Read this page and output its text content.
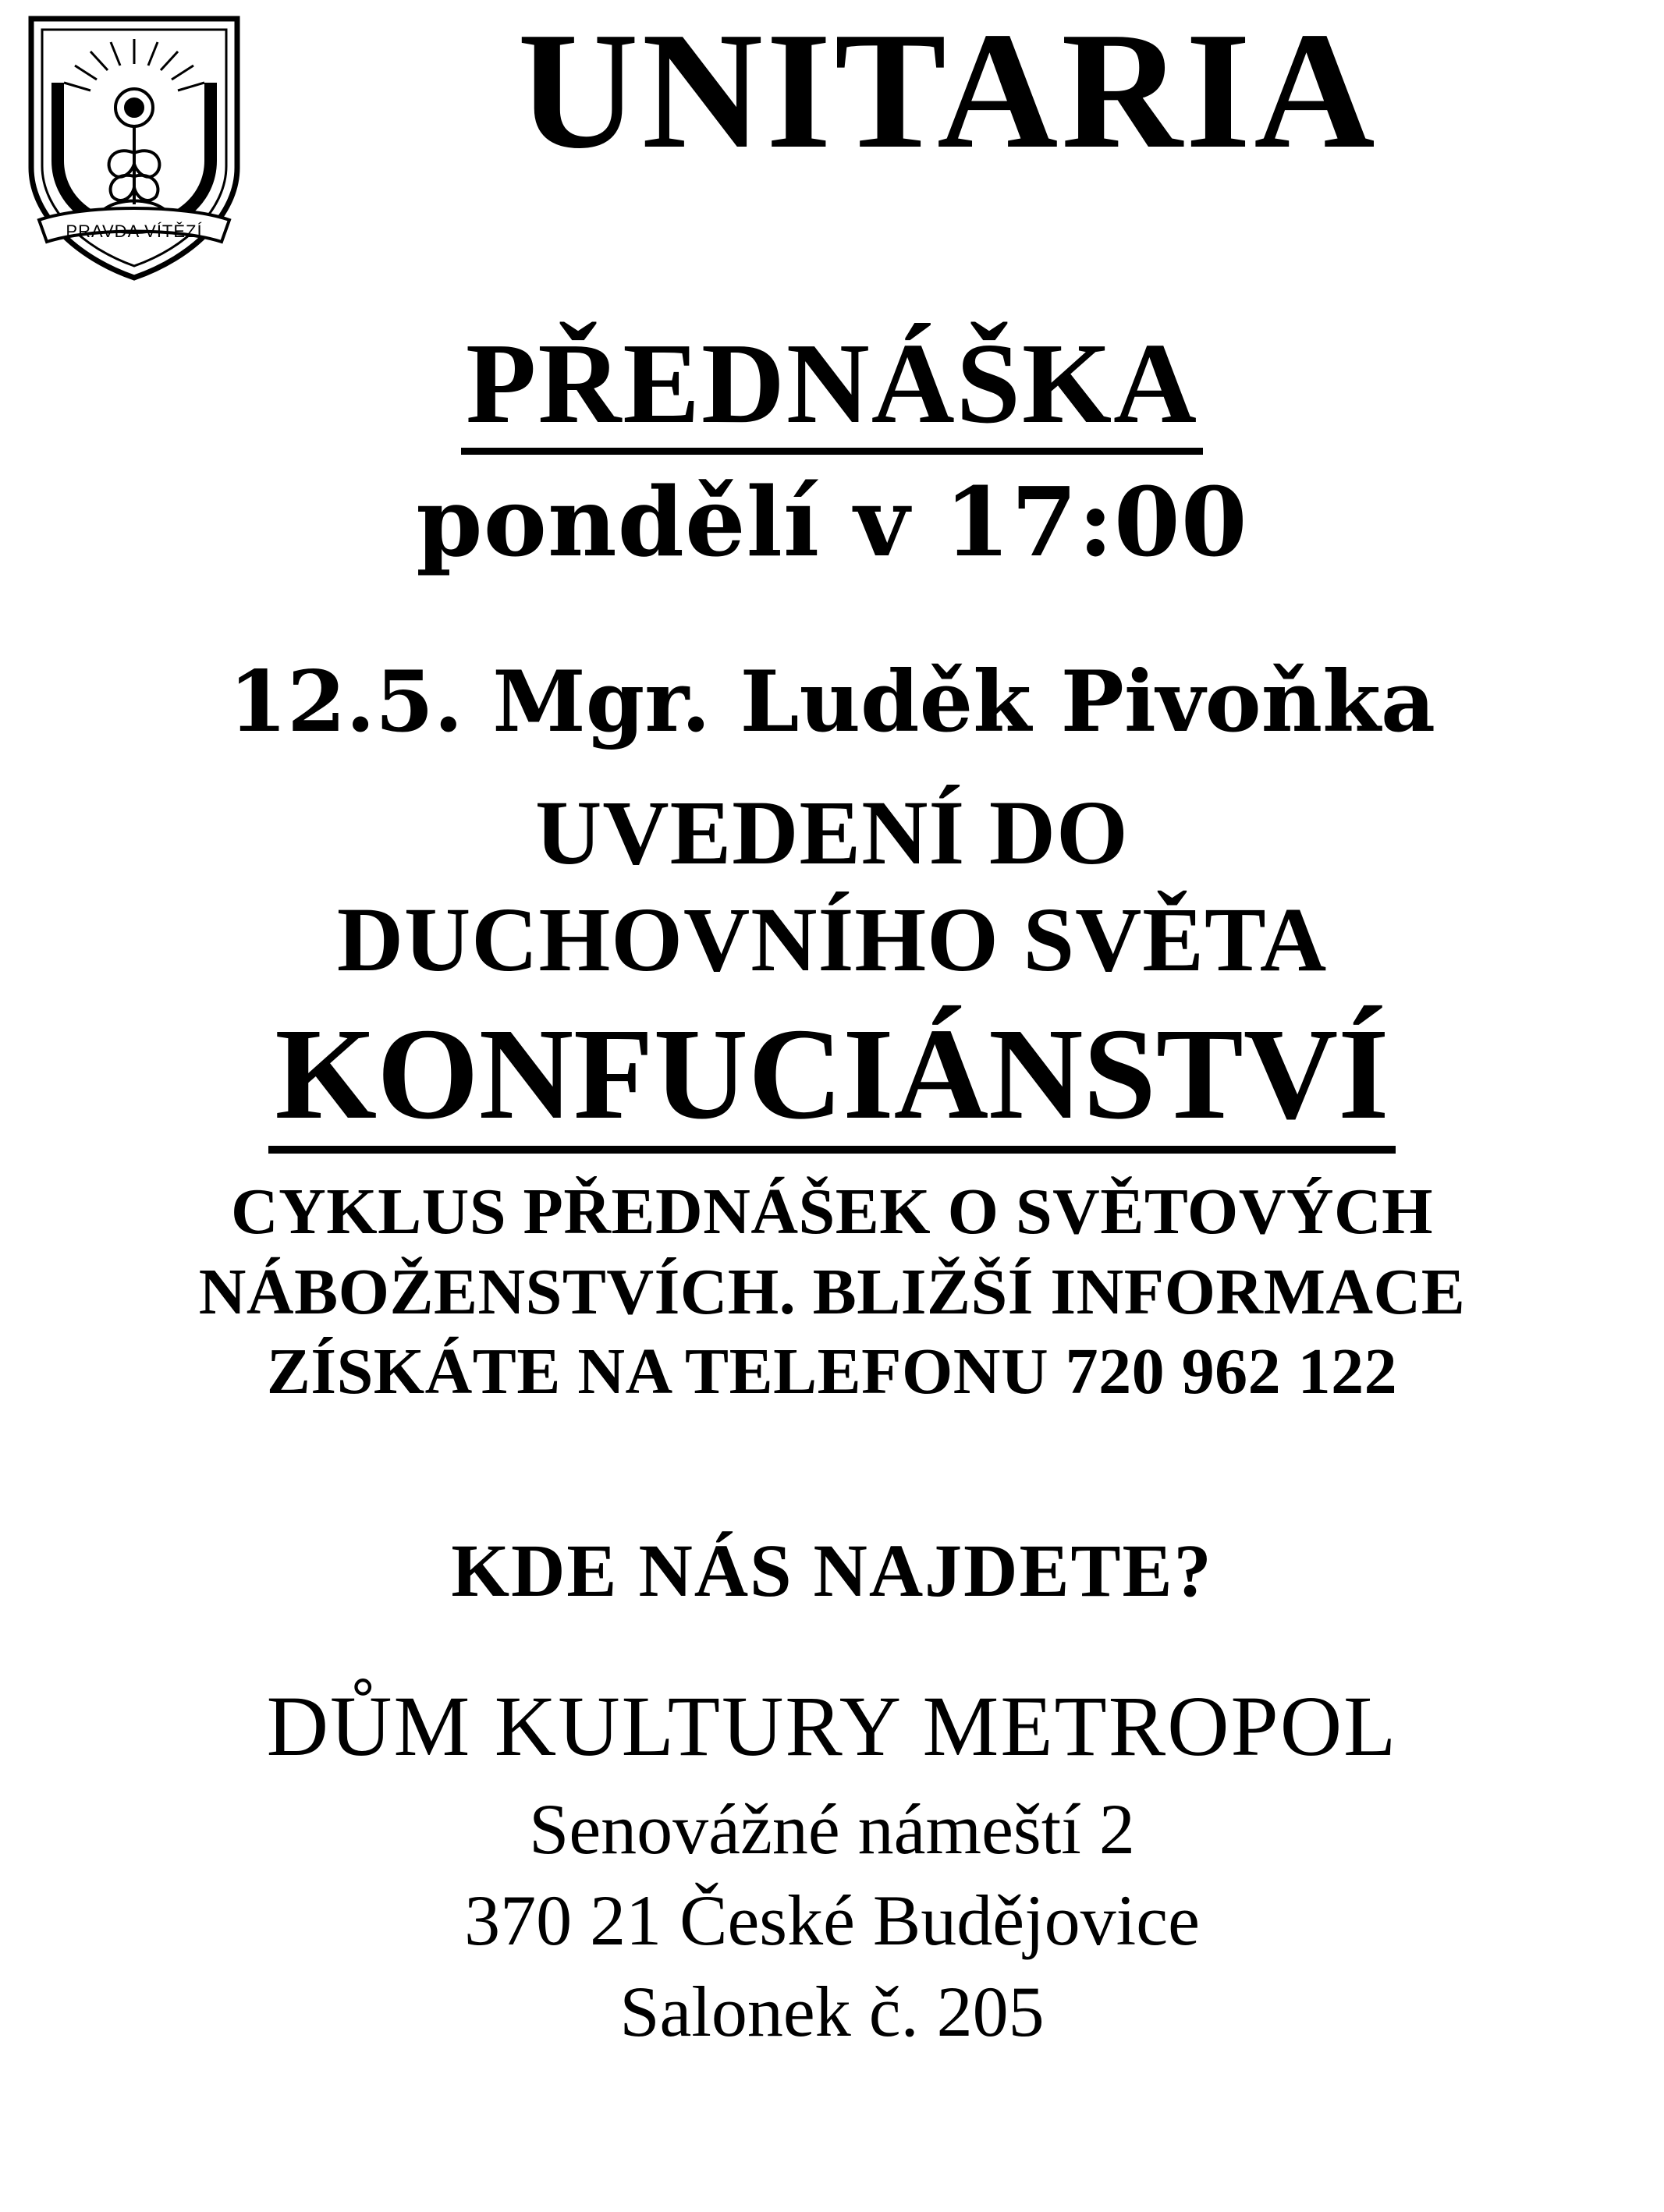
PRAVDA VÍTĚZÍ
UNITARIA
PŘEDNÁŠKA
pondělí v 17:00
12.5. Mgr. Luděk Pivoňka
UVEDENÍ DO
DUCHOVNÍHO SVĚTA
KONFUCIÁNSTVÍ
CYKLUS PŘEDNÁŠEK O SVĚTOVÝCH
NÁBOŽENSTVÍCH. BLIŽŠÍ INFORMACE
ZÍSKÁTE NA TELEFONU 720 962 122
KDE NÁS NAJDETE?
DŮM KULTURY METROPOL
Senovážné námeští 2
370 21 České Budějovice
Salonek č. 205
